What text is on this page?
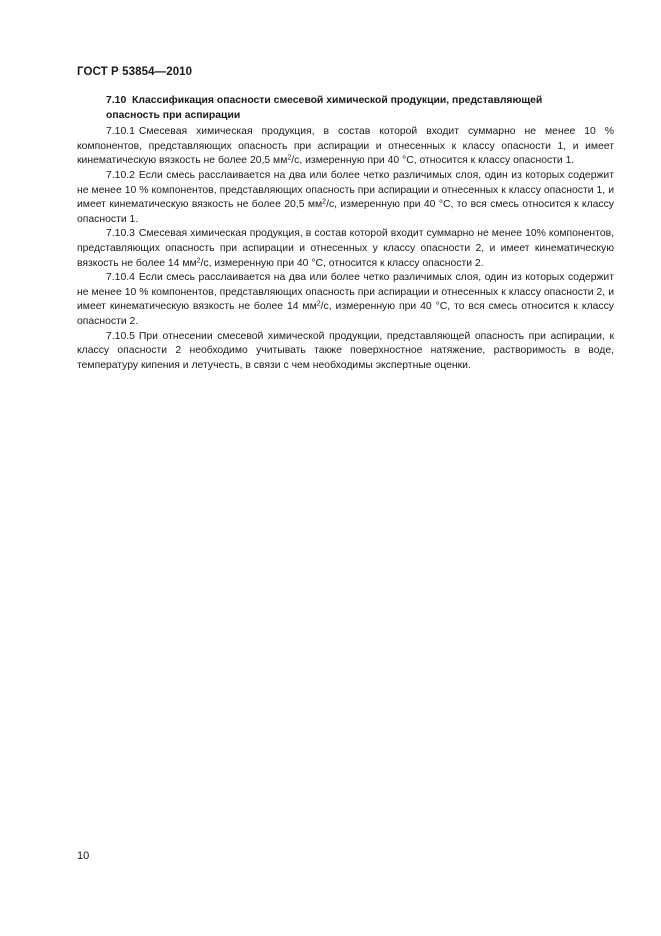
ГОСТ Р 53854—2010
7.10 Классификация опасности смесевой химической продукции, представляющей
опасность при аспирации

7.10.1 Смесевая химическая продукция, в состав которой входит суммарно не менее 10 % компонентов, представляющих опасность при аспирации и отнесенных к классу опасности 1, и имеет кинематическую вязкость не более 20,5 $мм^2/с$, измеренную при 40 °C, относится к классу опасности 1.

7.10.2 Если смесь расслаивается на два или более четко различимых слоя, один из которых содержит не менее 10 % компонентов, представляющих опасность при аспирации и отнесенных к классу опасности 1, и имеет кинематическую вязкость не более 20,5 $мм^2/с$, измеренную при 40 °C, то вся смесь относится к классу опасности 1.

7.10.3 Смесевая химическая продукция, в состав которой входит суммарно не менее 10% компонентов, представляющих опасность при аспирации и отнесенных у классу опасности 2, и имеет кинематическую вязкость не более 14 $мм^2/с$, измеренную при 40 °C, относится к классу опасности 2.

7.10.4 Если смесь расслаивается на два или более четко различимых слоя, один из которых содержит не менее 10 % компонентов, представляющих опасность при аспирации и отнесенных к классу опасности 2, и имеет кинематическую вязкость не более 14 $мм^2/с$, измеренную при 40 °C, то вся смесь относится к классу опасности 2.

7.10.5 При отнесении смесевой химической продукции, представляющей опасность при аспирации, к классу опасности 2 необходимо учитывать также поверхностное натяжение, растворимость в воде, температуру кипения и летучесть, в связи с чем необходимы экспертные оценки.

10
